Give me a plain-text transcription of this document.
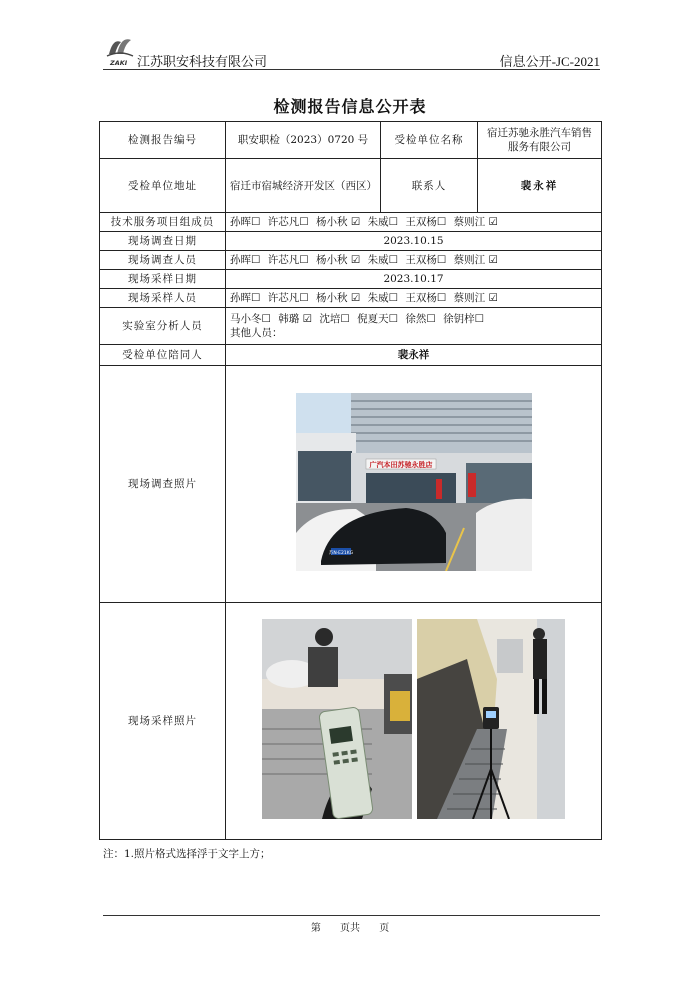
ZAKI 江苏职安科技有限公司	信息公开-JC-2021
检测报告信息公开表
检测报告编号	职安职检（2023）0720 号	受检单位名称	宿迁苏驰永胜汽车销售服务有限公司
受检单位地址	宿迁市宿城经济开发区（西区）	联系人	裴永祥
技术服务项目组成员	孙晖☐ 许芯凡☐ 杨小秋 ☑ 朱威☐ 王双杨☐ 蔡则江 ☑		
现场调查日期	2023.10.15		
现场调查人员	孙晖☐ 许芯凡☐ 杨小秋 ☑ 朱威☐ 王双杨☐ 蔡则江 ☑		
现场采样日期	2023.10.17		
现场采样人员	孙晖☐ 许芯凡☐ 杨小秋 ☑ 朱威☐ 王双杨☐ 蔡则江 ☑		
实验室分析人员	马小冬☐ 韩璐 ☑ 沈培☐ 倪夏天☐ 徐然☐ 徐钥梓☐
其他人员：		

受检单位陪同人	裴永祥		
现场调查照片	广汽本田苏驰永胜店
苏N·E21KG		

现场采样照片	
注：1.照片格式选择浮于文字上方；
第 页共 页
